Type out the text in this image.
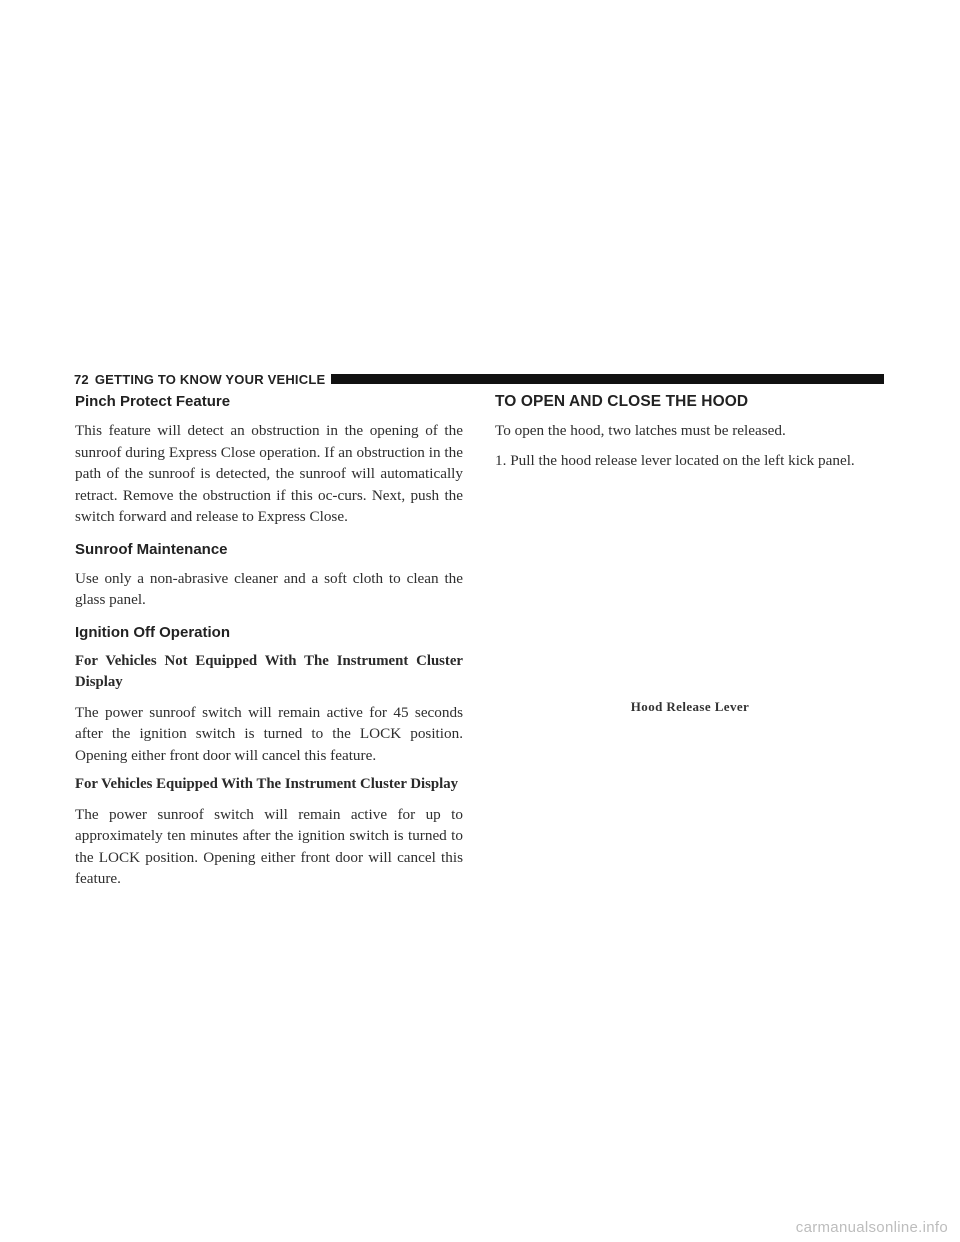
72 GETTING TO KNOW YOUR VEHICLE
Pinch Protect Feature

This feature will detect an obstruction in the opening of the sunroof during Express Close operation. If an obstruction in the path of the sunroof is detected, the sunroof will automatically retract. Remove the obstruction if this oc-curs. Next, push the switch forward and release to Express Close.

Sunroof Maintenance

Use only a non-abrasive cleaner and a soft cloth to clean the glass panel.

Ignition Off Operation

For Vehicles Not Equipped With The Instrument Cluster Display

The power sunroof switch will remain active for 45 seconds after the ignition switch is turned to the LOCK position. Opening either front door will cancel this feature.

For Vehicles Equipped With The Instrument Cluster Display

The power sunroof switch will remain active for up to approximately ten minutes after the ignition switch is turned to the LOCK position. Opening either front door will cancel this feature.

TO OPEN AND CLOSE THE HOOD

To open the hood, two latches must be released.

1. Pull the hood release lever located on the left kick panel.

Hood Release Lever
carmanualsonline.info
